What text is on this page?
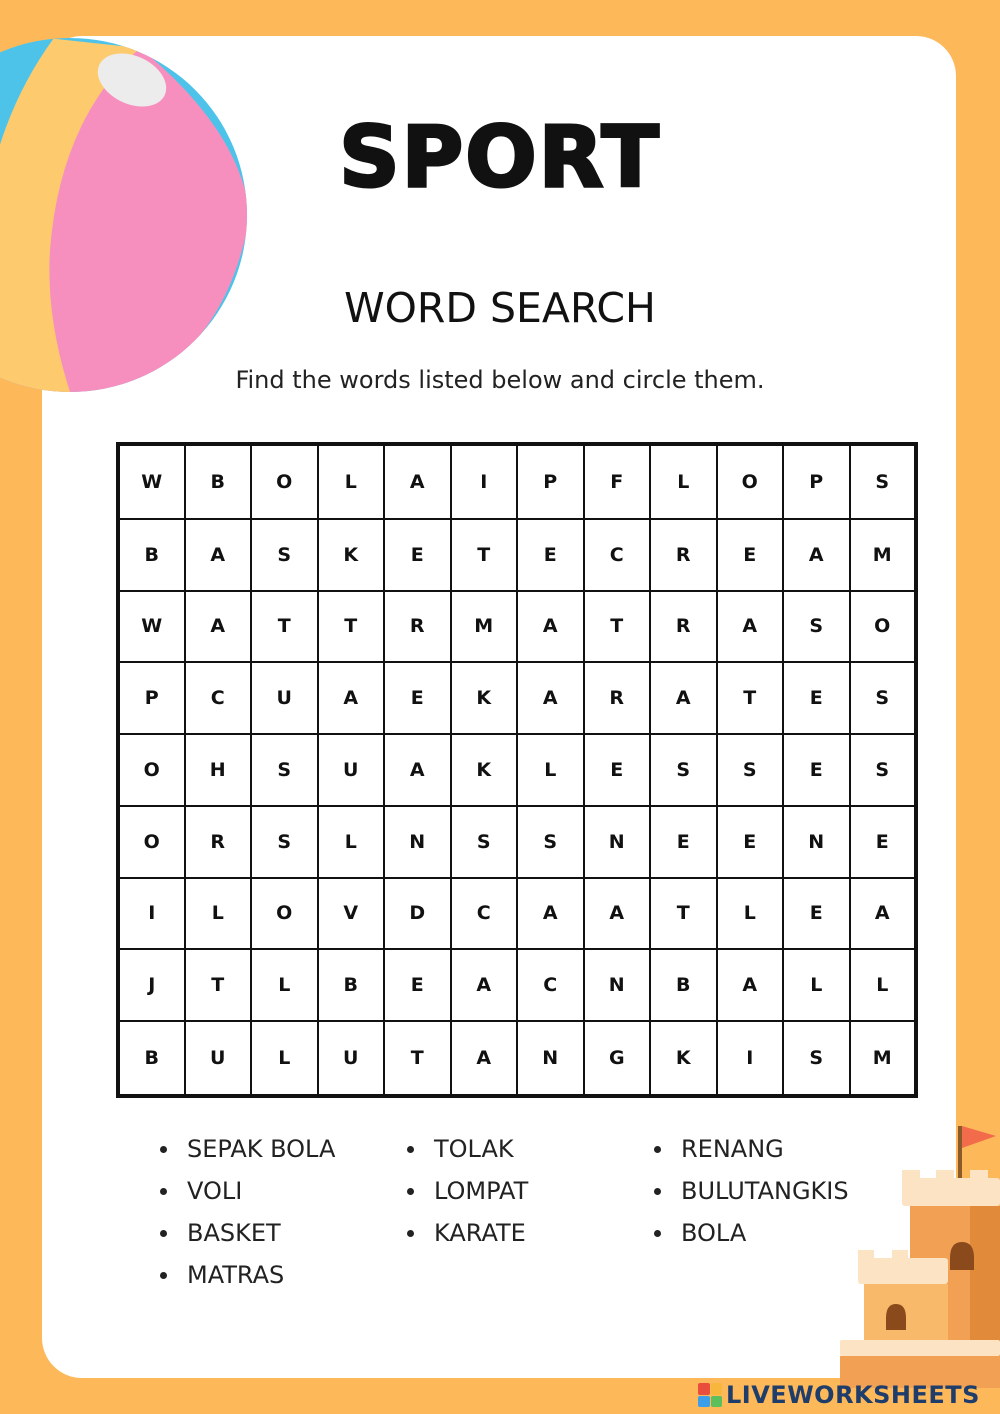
SPORT
WORD SEARCH
Find the words listed below and circle them.
W	B	O	L	A	I	P	F	L	O	P	S
B	A	S	K	E	T	E	C	R	E	A	M
W	A	T	T	R	M	A	T	R	A	S	O
P	C	U	A	E	K	A	R	A	T	E	S
O	H	S	U	A	K	L	E	S	S	E	S
O	R	S	L	N	S	S	N	E	E	N	E
I	L	O	V	D	C	A	A	T	L	E	A
J	T	L	B	E	A	C	N	B	A	L	L
B	U	L	U	T	A	N	G	K	I	S	M
SEPAK BOLA
VOLI
BASKET
MATRAS
TOLAK
LOMPAT
KARATE
RENANG
BULUTANGKIS
BOLA
LIVEWORKSHEETS
